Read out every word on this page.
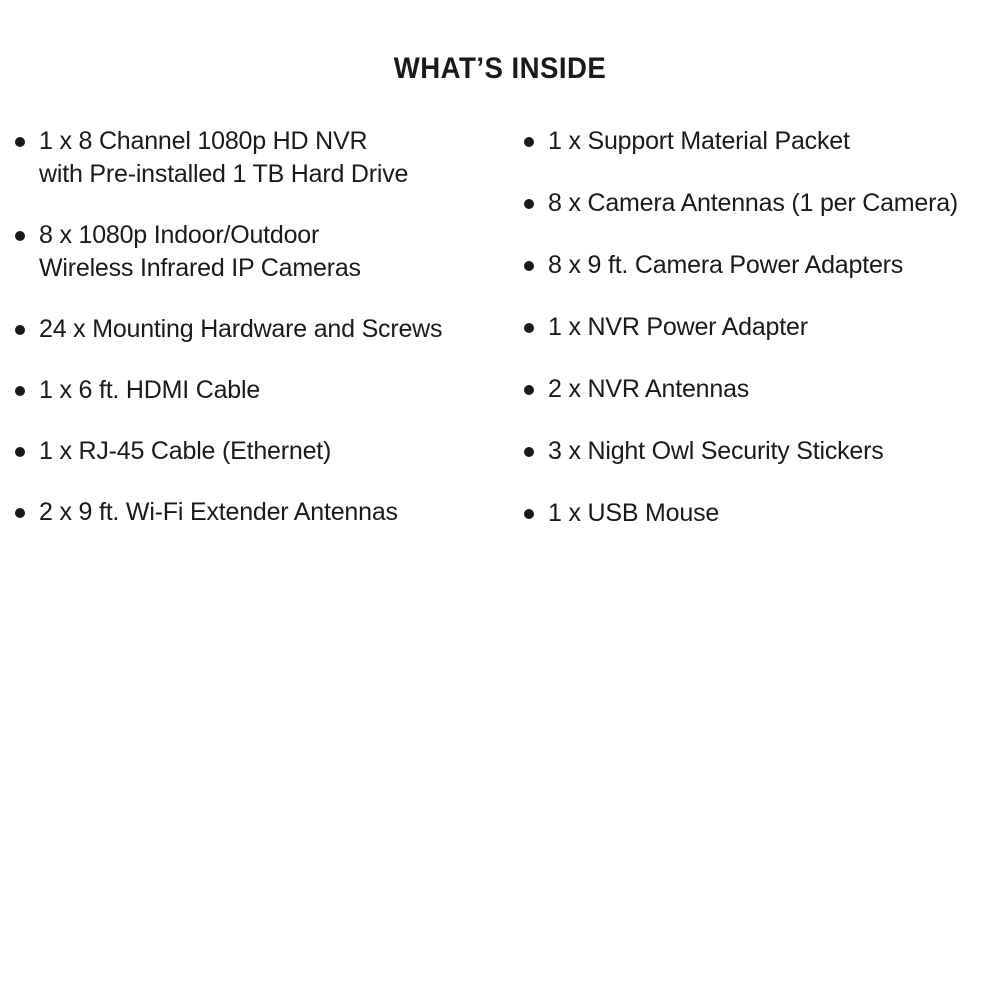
WHAT’S INSIDE
1 x 8 Channel 1080p HD NVR
with Pre-installed 1 TB Hard Drive
8 x 1080p Indoor/Outdoor
Wireless Infrared IP Cameras
24 x Mounting Hardware and Screws
1 x 6 ft. HDMI Cable
1 x RJ-45 Cable (Ethernet)
2 x 9 ft. Wi-Fi Extender Antennas
1 x Support Material Packet
8 x Camera Antennas (1 per Camera)
8 x 9 ft. Camera Power Adapters
1 x NVR Power Adapter
2 x NVR Antennas
3 x Night Owl Security Stickers
1 x USB Mouse
